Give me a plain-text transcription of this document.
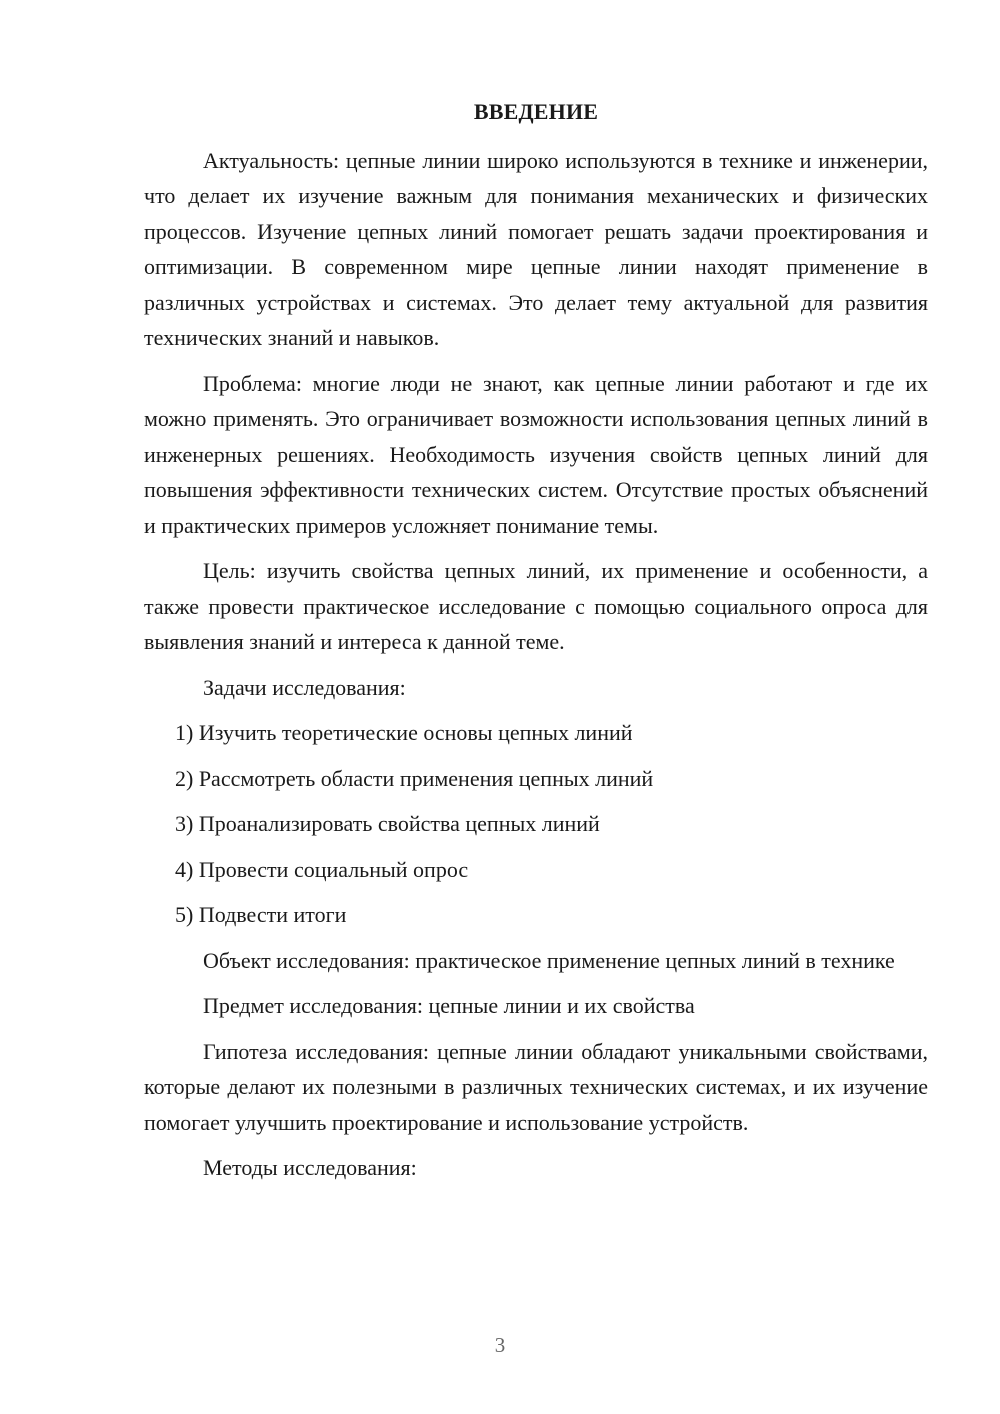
ВВЕДЕНИЕ

Актуальность: цепные линии широко используются в технике и инженерии, что делает их изучение важным для понимания механических и физических процессов. Изучение цепных линий помогает решать задачи проектирования и оптимизации. В современном мире цепные линии находят применение в различных устройствах и системах. Это делает тему актуальной для развития технических знаний и навыков.

Проблема: многие люди не знают, как цепные линии работают и где их можно применять. Это ограничивает возможности использования цепных линий в инженерных решениях. Необходимость изучения свойств цепных линий для повышения эффективности технических систем. Отсутствие простых объяснений и практических примеров усложняет понимание темы.

Цель: изучить свойства цепных линий, их применение и особенности, а также провести практическое исследование с помощью социального опроса для выявления знаний и интереса к данной теме.

Задачи исследования:

1) Изучить теоретические основы цепных линий
2) Рассмотреть области применения цепных линий
3) Проанализировать свойства цепных линий
4) Провести социальный опрос
5) Подвести итоги

Объект исследования: практическое применение цепных линий в технике

Предмет исследования: цепные линии и их свойства

Гипотеза исследования: цепные линии обладают уникальными свойствами, которые делают их полезными в различных технических системах, и их изучение помогает улучшить проектирование и использование устройств.

Методы исследования:

3
